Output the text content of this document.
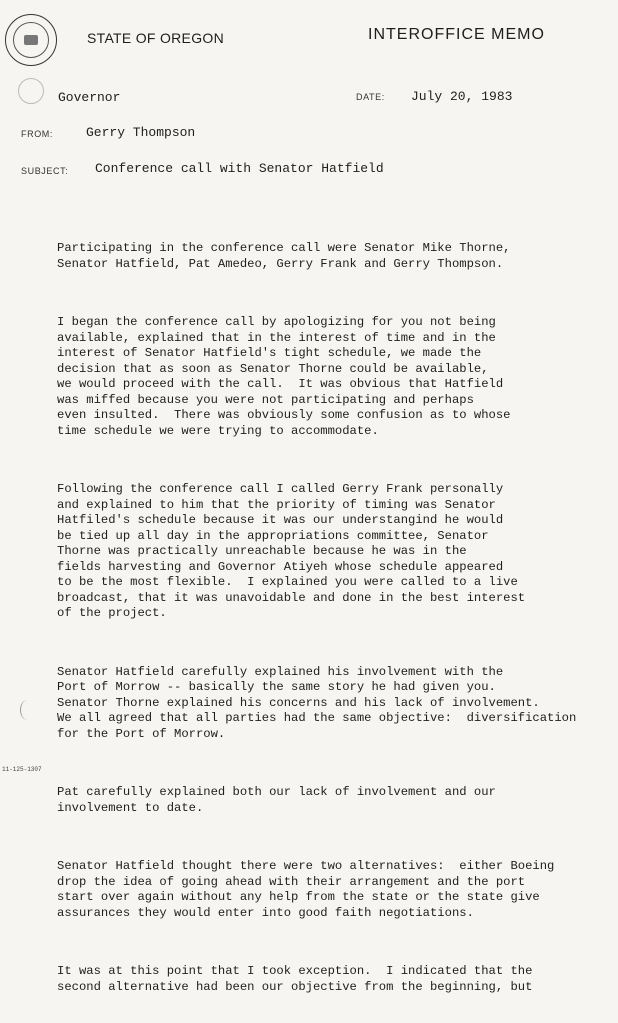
STATE OF OREGON	INTEROFFICE MEMO
Governor	DATE: July 20, 1983
FROM:	Gerry Thompson
SUBJECT: Conference call with Senator Hatfield

Participating in the conference call were Senator Mike Thorne,
Senator Hatfield, Pat Amedeo, Gerry Frank and Gerry Thompson.

I began the conference call by apologizing for you not being
available, explained that in the interest of time and in the
interest of Senator Hatfield's tight schedule, we made the
decision that as soon as Senator Thorne could be available,
we would proceed with the call.  It was obvious that Hatfield
was miffed because you were not participating and perhaps
even insulted.  There was obviously some confusion as to whose
time schedule we were trying to accommodate.

Following the conference call I called Gerry Frank personally
and explained to him that the priority of timing was Senator
Hatfiled's schedule because it was our understangind he would
be tied up all day in the appropriations committee, Senator
Thorne was practically unreachable because he was in the
fields harvesting and Governor Atiyeh whose schedule appeared
to be the most flexible.  I explained you were called to a live
broadcast, that it was unavoidable and done in the best interest
of the project.

Senator Hatfield carefully explained his involvement with the
Port of Morrow -- basically the same story he had given you.
Senator Thorne explained his concerns and his lack of involvement.
We all agreed that all parties had the same objective:  diversification
for the Port of Morrow.

Pat carefully explained both our lack of involvement and our
involvement to date.

Senator Hatfield thought there were two alternatives:  either Boeing
drop the idea of going ahead with their arrangement and the port
start over again without any help from the state or the state give
assurances they would enter into good faith negotiations.

It was at this point that I took exception.  I indicated that the
second alternative had been our objective from the beginning, but

11-125-1307
